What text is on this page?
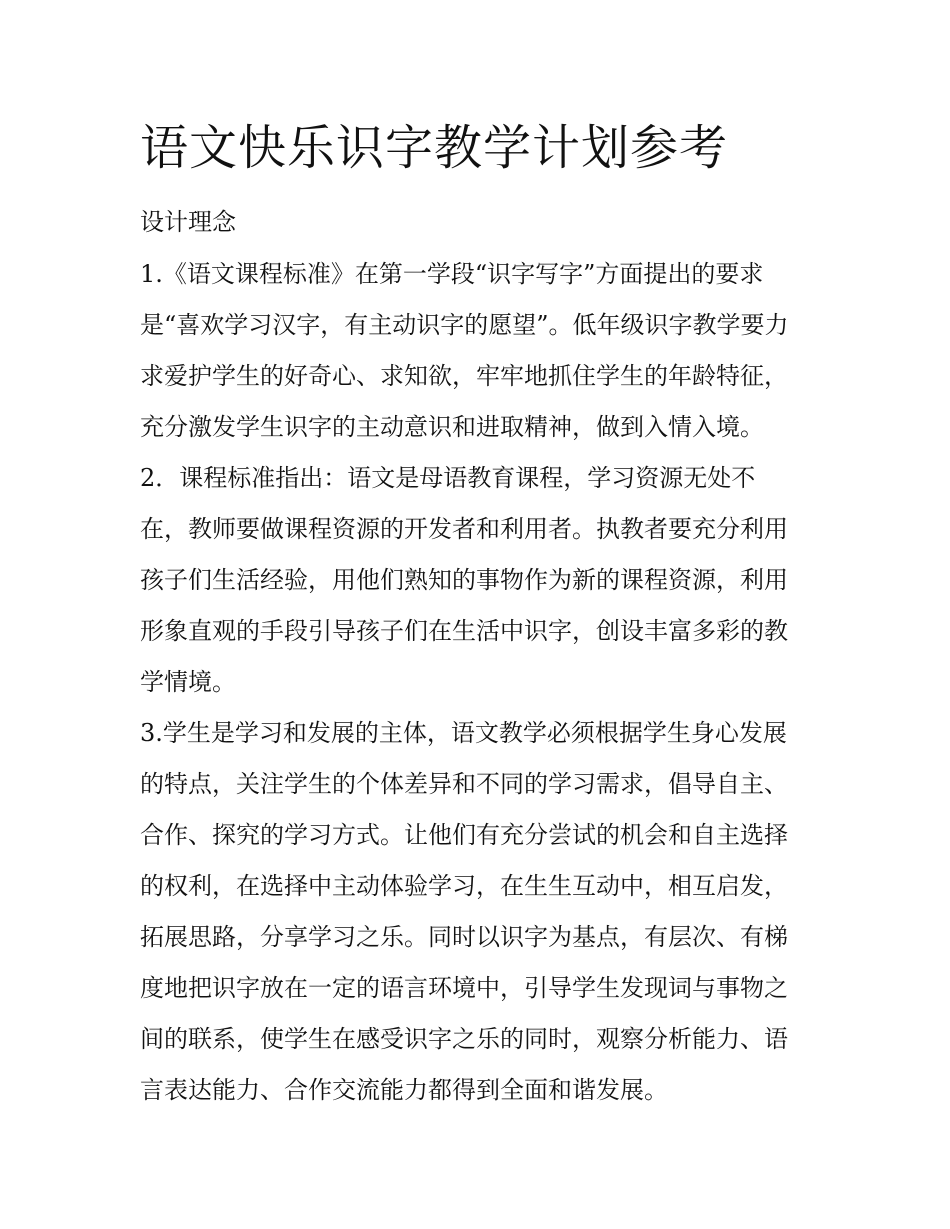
语文快乐识字教学计划参考
设计理念

1.《语文课程标准》在第一学段“识字写字”方面提出的要求
是“喜欢学习汉字，有主动识字的愿望”。低年级识字教学要力
求爱护学生的好奇心、求知欲，牢牢地抓住学生的年龄特征，
充分激发学生识字的主动意识和进取精神，做到入情入境。

2．课程标准指出：语文是母语教育课程，学习资源无处不
在，教师要做课程资源的开发者和利用者。执教者要充分利用
孩子们生活经验，用他们熟知的事物作为新的课程资源，利用
形象直观的手段引导孩子们在生活中识字，创设丰富多彩的教
学情境。

3.学生是学习和发展的主体，语文教学必须根据学生身心发展
的特点，关注学生的个体差异和不同的学习需求，倡导自主、
合作、探究的学习方式。让他们有充分尝试的机会和自主选择
的权利，在选择中主动体验学习，在生生互动中，相互启发，
拓展思路，分享学习之乐。同时以识字为基点，有层次、有梯
度地把识字放在一定的语言环境中，引导学生发现词与事物之
间的联系，使学生在感受识字之乐的同时，观察分析能力、语
言表达能力、合作交流能力都得到全面和谐发展。
